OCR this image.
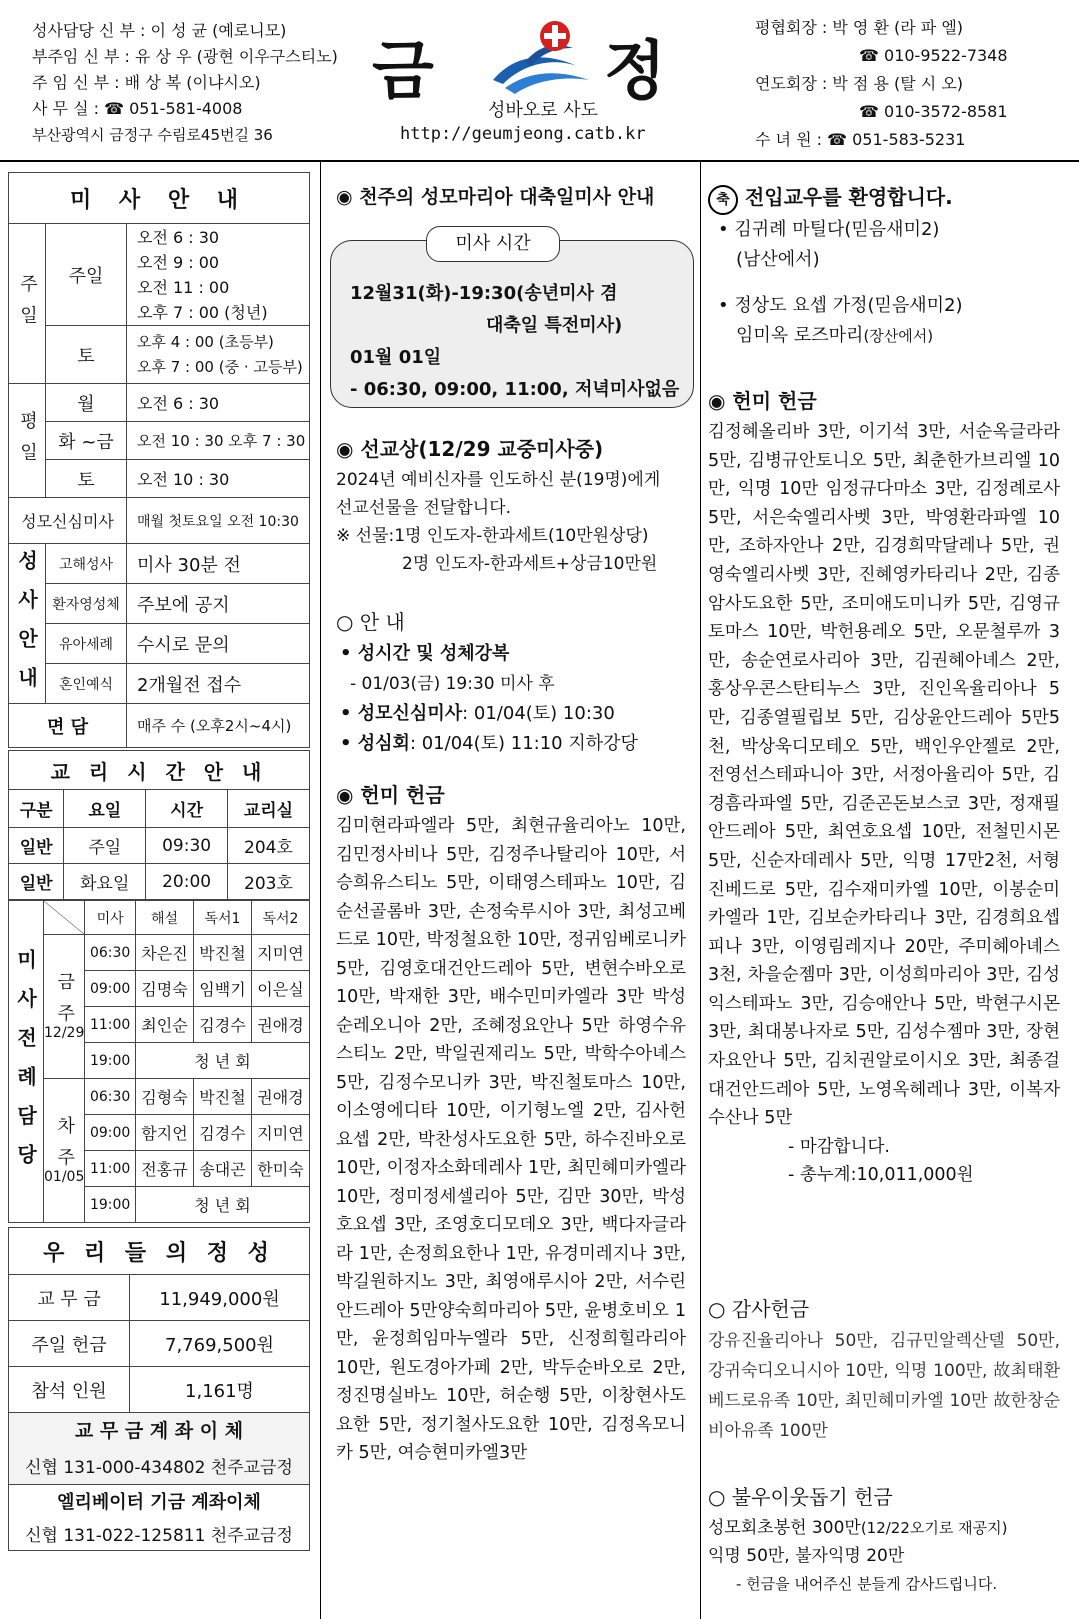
성사담당 신 부 : 이 성 균 (예로니모)
부주임 신 부 : 유 상 우 (광현 이우구스티노)
주 임 신 부 : 배 상 복 (이냐시오)
사 무 실 : ☎ 051-581-4008
부산광역시 금정구 수림로45번길 36
금	정
성바오로 사도
http://geumjeong.catb.kr
평협회장 : 박 영 환 (라 파 엘)
☎ 010-9522-7348
연도회장 : 박 점 용 (탈 시 오)
☎ 010-3572-8581
수 녀 원 : ☎ 051-583-5231
미 사 안 내		
주 일	주일	오전 6 : 30
오전 9 : 00
오전 11 : 00
오후 7 : 00 (청년)

	토	오후 4 : 00 (초등부)
오후 7 : 00 (중 · 고등부)

평 일	월	오전 6 : 30
	화 ~금	오전 10 : 30 오후 7 : 30
	토	오전 10 : 30
성모신심미사		매월 첫토요일 오전 10:30
성 사 안 내	고해성사	미사 30분 전
	환자영성체	주보에 공지
	유아세례	수시로 문의
	혼인예식	2개월전 접수
면 담		매주 수 (오후2시~4시)
교 리 시 간 안 내			
구분	요일	시간	교리실
일반	주일	09:30	204호
일반	화요일	20:00	203호
미 사 전 례 담 당		미사	해설	독서1	독서2

	금 주
12/29	06:30	차은진	박진철	지미연
		09:00	김명숙	임백기	이은실
		11:00	최인순	김경수	권애경
		19:00	청 년 회		

	차 주
01/05	06:30	김형숙	박진철	권애경
		09:00	함지언	김경수	지미연
		11:00	전홍규	송대곤	한미숙
		19:00	청 년 회		
우 리 들 의 정 성	
교 무 금	11,949,000원
주일 헌금	7,769,500원
참석 인원	1,161명
교 무 금 계 좌 이 체	
신협 131-000-434802 천주교금정	
엘리베이터 기금 계좌이체	
신협 131-022-125811 천주교금정	
◉ 천주의 성모마리아 대축일미사 안내
미사 시간
12월31(화)-19:30(송년미사 겸
대축일 특전미사)
01월 01일
- 06:30, 09:00, 11:00, 저녁미사없음
◉ 선교상(12/29 교중미사중)
2024년 예비신자를 인도하신 분(19명)에게
선교선물을 전달합니다.
※ 선물:1명 인도자-한과세트(10만원상당)
2명 인도자-한과세트+상금10만원
○ 안 내
• 성시간 및 성체강복
- 01/03(금) 19:30 미사 후
• 성모신심미사: 01/04(토) 10:30
• 성심회: 01/04(토) 11:10 지하강당
◉ 헌미 헌금
김미현라파엘라 5만, 최현규율리아노 10만, 김민정사비나 5만, 김정주나탈리아 10만, 서승희유스티노 5만, 이태영스테파노 10만, 김순선골롬바 3만, 손정숙루시아 3만, 최성고베드로 10만, 박정철요한 10만, 정귀임베로니카 5만, 김영호대건안드레아 5만, 변현수바오로 10만, 박재한 3만, 배수민미카엘라 3만 박성순레오니아 2만, 조혜정요안나 5만 하영수유스티노 2만, 박일권제리노 5만, 박학수아녜스 5만, 김정수모니카 3만, 박진철토마스 10만, 이소영에디타 10만, 이기형노엘 2만, 김사헌요셉 2만, 박찬성사도요한 5만, 하수진바오로 10만, 이정자소화데레사 1만, 최민혜미카엘라 10만, 정미정세셀리아 5만, 김만 30만, 박성호요셉 3만, 조영호디모데오 3만, 백다자글라라 1만, 손정희요한나 1만, 유경미레지나 3만, 박길원하지노 3만, 최영애루시아 2만, 서수린안드레아 5만양숙희마리아 5만, 윤병호비오 1만, 윤정희임마누엘라 5만, 신정희힐라리아 10만, 원도경아가페 2만, 박두순바오로 2만, 정진명실바노 10만, 허순행 5만, 이창현사도요한 5만, 정기철사도요한 10만, 김정옥모니카 5만, 여승현미카엘3만
축 전입교우를 환영합니다.
• 김귀례 마틸다(믿음새미2)
(남산에서)
• 정상도 요셉 가정(믿음새미2)
임미옥 로즈마리(장산에서)
◉ 헌미 헌금
김정혜올리바 3만, 이기석 3만, 서순옥글라라 5만, 김병규안토니오 5만, 최춘한가브리엘 10만, 익명 10만 임정규다마소 3만, 김정례로사 5만, 서은숙엘리사벳 3만, 박영환라파엘 10만, 조하자안나 2만, 김경희막달레나 5만, 권영숙엘리사벳 3만, 진혜영카타리나 2만, 김종암사도요한 5만, 조미애도미니카 5만, 김영규토마스 10만, 박헌용레오 5만, 오문철루까 3만, 송순연로사리아 3만, 김권혜아녜스 2만, 홍상우콘스탄티누스 3만, 진인옥율리아나 5만, 김종열필립보 5만, 김상윤안드레아 5만5천, 박상욱디모테오 5만, 백인우안젤로 2만, 전영선스테파니아 3만, 서정아율리아 5만, 김경흠라파엘 5만, 김준곤돈보스코 3만, 정재필안드레아 5만, 최연호요셉 10만, 전철민시몬 5만, 신순자데레사 5만, 익명 17만2천, 서형진베드로 5만, 김수재미카엘 10만, 이봉순미카엘라 1만, 김보순카타리나 3만, 김경희요셉피나 3만, 이영림레지나 20만, 주미혜아녜스 3천, 차을순젬마 3만, 이성희마리아 3만, 김성익스테파노 3만, 김승애안나 5만, 박현구시몬 3만, 최대봉나자로 5만, 김성수젬마 3만, 장현자요안나 5만, 김치권알로이시오 3만, 최종걸대건안드레아 5만, 노영옥헤레나 3만, 이복자수산나 5만
- 마감합니다.
- 총누계:10,011,000원
○ 감사헌금
강유진율리아나 50만, 김규민알렉산델 50만, 강귀숙디오니시아 10만, 익명 100만, 故최태환베드로유족 10만, 최민혜미카엘 10만 故한창순비아유족 100만
○ 불우이웃돕기 헌금
성모회초봉헌 300만(12/22오기로 재공지)
익명 50만, 불자익명 20만
- 헌금을 내어주신 분들게 감사드립니다.
